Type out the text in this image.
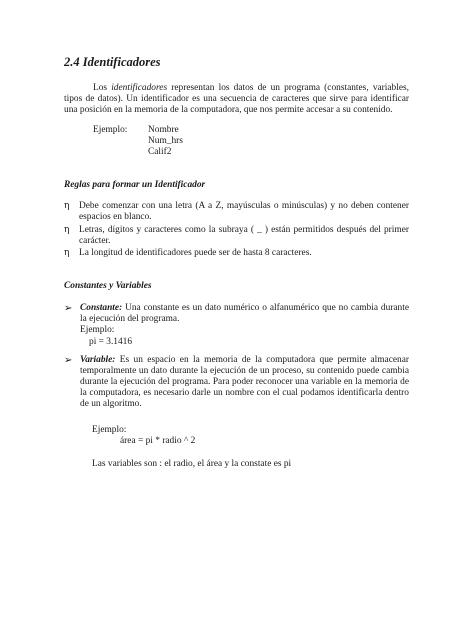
2.4 Identificadores
Los identificadores representan los datos de un programa (constantes, variables, tipos de datos). Un identificador es una secuencia de caracteres que sirve para identificar una posición en la memoria de la computadora, que nos permite accesar a su contenido.
Ejemplo: Nombre
Num_hrs
Calif2
Reglas para formar un Identificador
η Debe comenzar con una letra (A a Z, mayúsculas o minúsculas) y no deben contener espacios en blanco.
η Letras, dígitos y caracteres como la subraya ( _ ) están permitidos después del primer carácter.
η La longitud de identificadores puede ser de hasta 8 caracteres.
Constantes y Variables
➢ Constante: Una constante es un dato numérico o alfanumérico que no cambia durante la ejecución del programa.
Ejemplo:
pi = 3.1416
➢ Variable: Es un espacio en la memoria de la computadora que permite almacenar temporalmente un dato durante la ejecución de un proceso, su contenido puede cambia durante la ejecución del programa. Para poder reconocer una variable en la memoria de la computadora, es necesario darle un nombre con el cual podamos identificarla dentro de un algoritmo.
Ejemplo:
área = pi * radio ^ 2
Las variables son : el radio, el área y la constate es pi
